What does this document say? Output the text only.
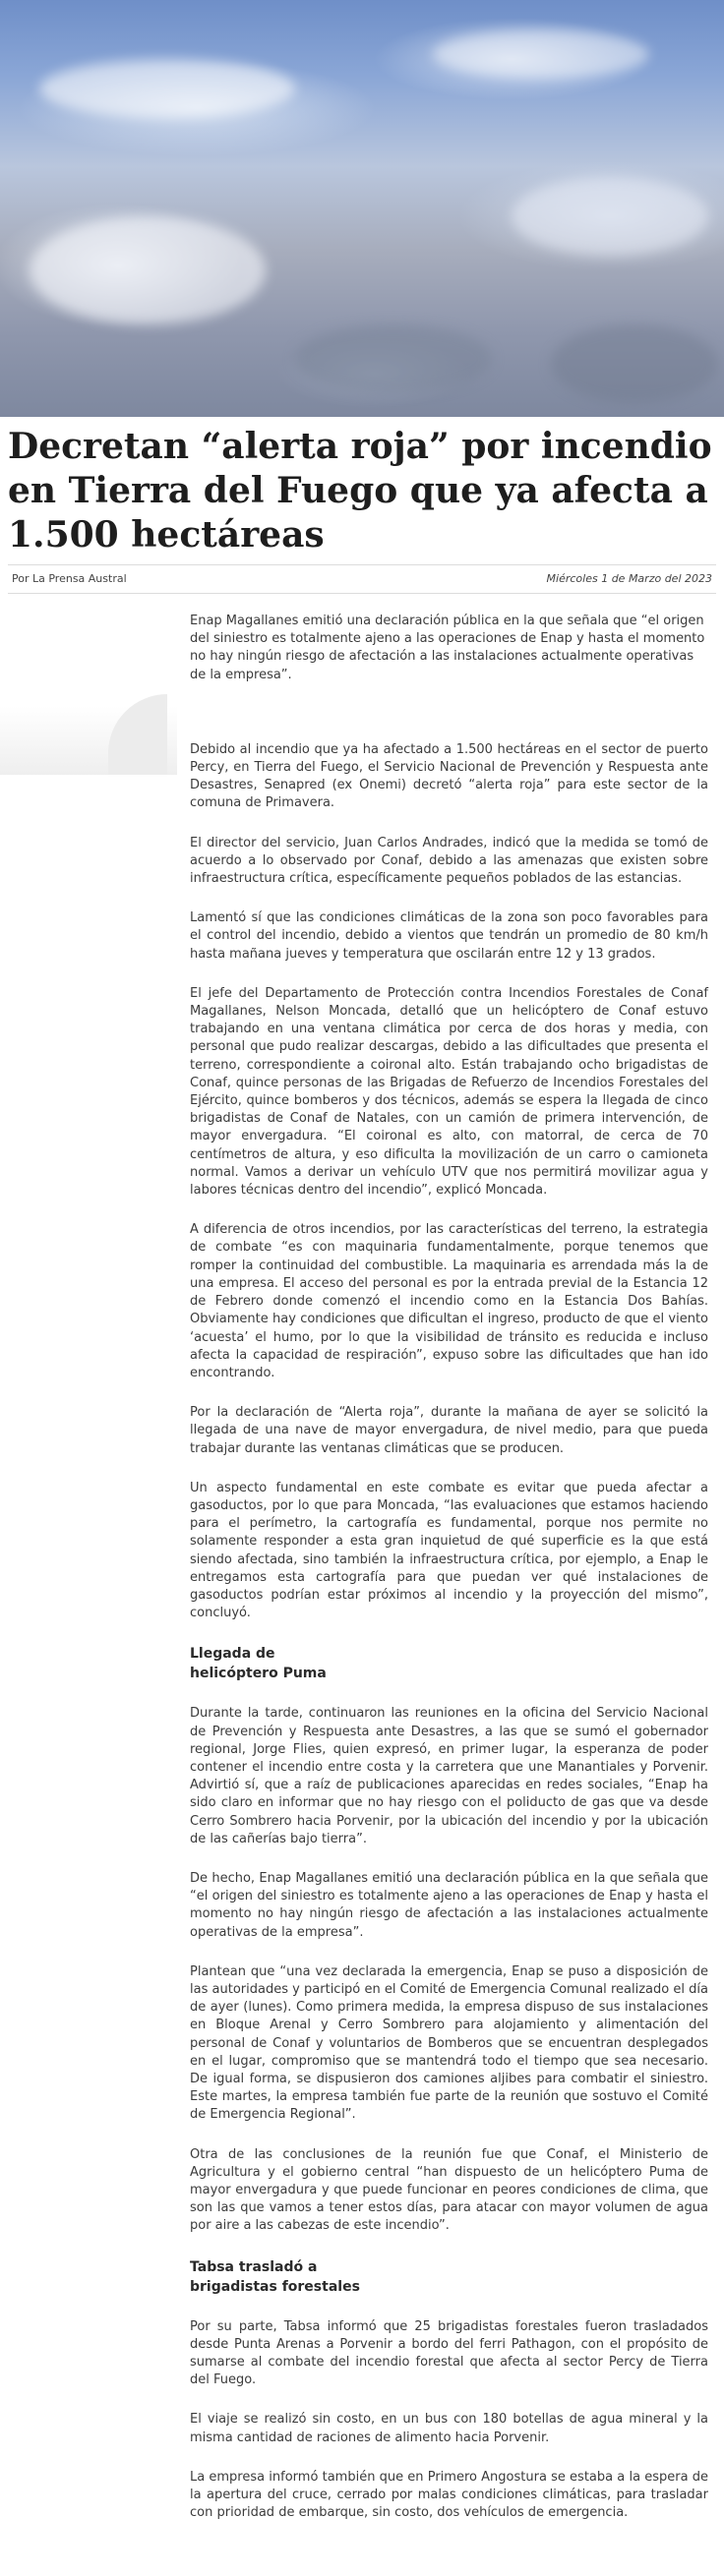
Decretan “alerta roja” por incendio en Tierra del Fuego que ya afecta a 1.500 hectáreas
Por La Prensa Austral	Miércoles 1 de Marzo del 2023

Enap Magallanes emitió una declaración pública en la que señala que “el origen del siniestro es totalmente ajeno a las operaciones de Enap y hasta el momento no hay ningún riesgo de afectación a las instalaciones actualmente operativas de la empresa”.

Debido al incendio que ya ha afectado a 1.500 hectáreas en el sector de puerto Percy, en Tierra del Fuego, el Servicio Nacional de Prevención y Respuesta ante Desastres, Senapred (ex Onemi) decretó “alerta roja” para este sector de la comuna de Primavera.

El director del servicio, Juan Carlos Andrades, indicó que la medida se tomó de acuerdo a lo observado por Conaf, debido a las amenazas que existen sobre infraestructura crítica, específicamente pequeños poblados de las estancias.

Lamentó sí que las condiciones climáticas de la zona son poco favorables para el control del incendio, debido a vientos que tendrán un promedio de 80 km/h hasta mañana jueves y temperatura que oscilarán entre 12 y 13 grados.

El jefe del Departamento de Protección contra Incendios Forestales de Conaf Magallanes, Nelson Moncada, detalló que un helicóptero de Conaf estuvo trabajando en una ventana climática por cerca de dos horas y media, con personal que pudo realizar descargas, debido a las dificultades que presenta el terreno, correspondiente a coironal alto. Están trabajando ocho brigadistas de Conaf, quince personas de las Brigadas de Refuerzo de Incendios Forestales del Ejército, quince bomberos y dos técnicos, además se espera la llegada de cinco brigadistas de Conaf de Natales, con un camión de primera intervención, de mayor envergadura. “El coironal es alto, con matorral, de cerca de 70 centímetros de altura, y eso dificulta la movilización de un carro o camioneta normal. Vamos a derivar un vehículo UTV que nos permitirá movilizar agua y labores técnicas dentro del incendio”, explicó Moncada.

A diferencia de otros incendios, por las características del terreno, la estrategia de combate “es con maquinaria fundamentalmente, porque tenemos que romper la continuidad del combustible. La maquinaria es arrendada más la de una empresa. El acceso del personal es por la entrada previal de la Estancia 12 de Febrero donde comenzó el incendio como en la Estancia Dos Bahías. Obviamente hay condiciones que dificultan el ingreso, producto de que el viento ‘acuesta’ el humo, por lo que la visibilidad de tránsito es reducida e incluso afecta la capacidad de respiración”, expuso sobre las dificultades que han ido encontrando.

Por la declaración de “Alerta roja”, durante la mañana de ayer se solicitó la llegada de una nave de mayor envergadura, de nivel medio, para que pueda trabajar durante las ventanas climáticas que se producen.

Un aspecto fundamental en este combate es evitar que pueda afectar a gasoductos, por lo que para Moncada, “las evaluaciones que estamos haciendo para el perímetro, la cartografía es fundamental, porque nos permite no solamente responder a esta gran inquietud de qué superficie es la que está siendo afectada, sino también la infraestructura crítica, por ejemplo, a Enap le entregamos esta cartografía para que puedan ver qué instalaciones de gasoductos podrían estar próximos al incendio y la proyección del mismo”, concluyó.

Llegada de helicóptero Puma

Durante la tarde, continuaron las reuniones en la oficina del Servicio Nacional de Prevención y Respuesta ante Desastres, a las que se sumó el gobernador regional, Jorge Flies, quien expresó, en primer lugar, la esperanza de poder contener el incendio entre costa y la carretera que une Manantiales y Porvenir. Advirtió sí, que a raíz de publicaciones aparecidas en redes sociales, “Enap ha sido claro en informar que no hay riesgo con el poliducto de gas que va desde Cerro Sombrero hacia Porvenir, por la ubicación del incendio y por la ubicación de las cañerías bajo tierra”.

De hecho, Enap Magallanes emitió una declaración pública en la que señala que “el origen del siniestro es totalmente ajeno a las operaciones de Enap y hasta el momento no hay ningún riesgo de afectación a las instalaciones actualmente operativas de la empresa”.

Plantean que “una vez declarada la emergencia, Enap se puso a disposición de las autoridades y participó en el Comité de Emergencia Comunal realizado el día de ayer (lunes). Como primera medida, la empresa dispuso de sus instalaciones en Bloque Arenal y Cerro Sombrero para alojamiento y alimentación del personal de Conaf y voluntarios de Bomberos que se encuentran desplegados en el lugar, compromiso que se mantendrá todo el tiempo que sea necesario. De igual forma, se dispusieron dos camiones aljibes para combatir el siniestro. Este martes, la empresa también fue parte de la reunión que sostuvo el Comité de Emergencia Regional”.

Otra de las conclusiones de la reunión fue que Conaf, el Ministerio de Agricultura y el gobierno central “han dispuesto de un helicóptero Puma de mayor envergadura y que puede funcionar en peores condiciones de clima, que son las que vamos a tener estos días, para atacar con mayor volumen de agua por aire a las cabezas de este incendio”.

Tabsa trasladó a brigadistas forestales

Por su parte, Tabsa informó que 25 brigadistas forestales fueron trasladados desde Punta Arenas a Porvenir a bordo del ferri Pathagon, con el propósito de sumarse al combate del incendio forestal que afecta al sector Percy de Tierra del Fuego.

El viaje se realizó sin costo, en un bus con 180 botellas de agua mineral y la misma cantidad de raciones de alimento hacia Porvenir.

La empresa informó también que en Primero Angostura se estaba a la espera de la apertura del cruce, cerrado por malas condiciones climáticas, para trasladar con prioridad de embarque, sin costo, dos vehículos de emergencia.
